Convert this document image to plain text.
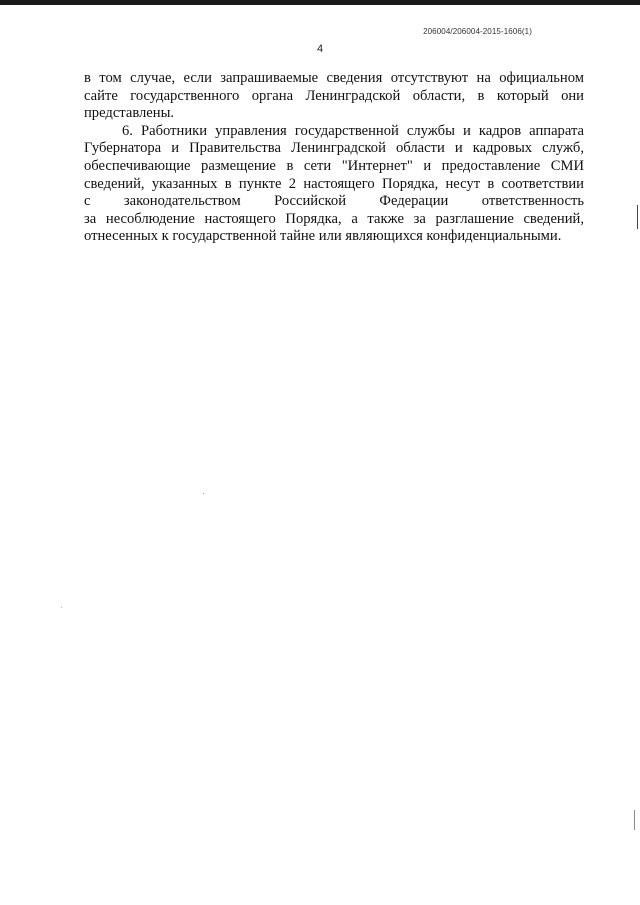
206004/206004-2015-1606(1)
4
в том случае, если запрашиваемые сведения отсутствуют на официальном
сайте государственного органа Ленинградской области, в который они
представлены.
6. Работники управления государственной службы и кадров аппарата
Губернатора и Правительства Ленинградской области и кадровых служб,
обеспечивающие размещение в сети "Интернет" и предоставление СМИ
сведений, указанных в пункте 2 настоящего Порядка, несут в соответствии
с законодательством Российской Федерации ответственность
за несоблюдение настоящего Порядка, а также за разглашение сведений,
отнесенных к государственной тайне или являющихся конфиденциальными.
